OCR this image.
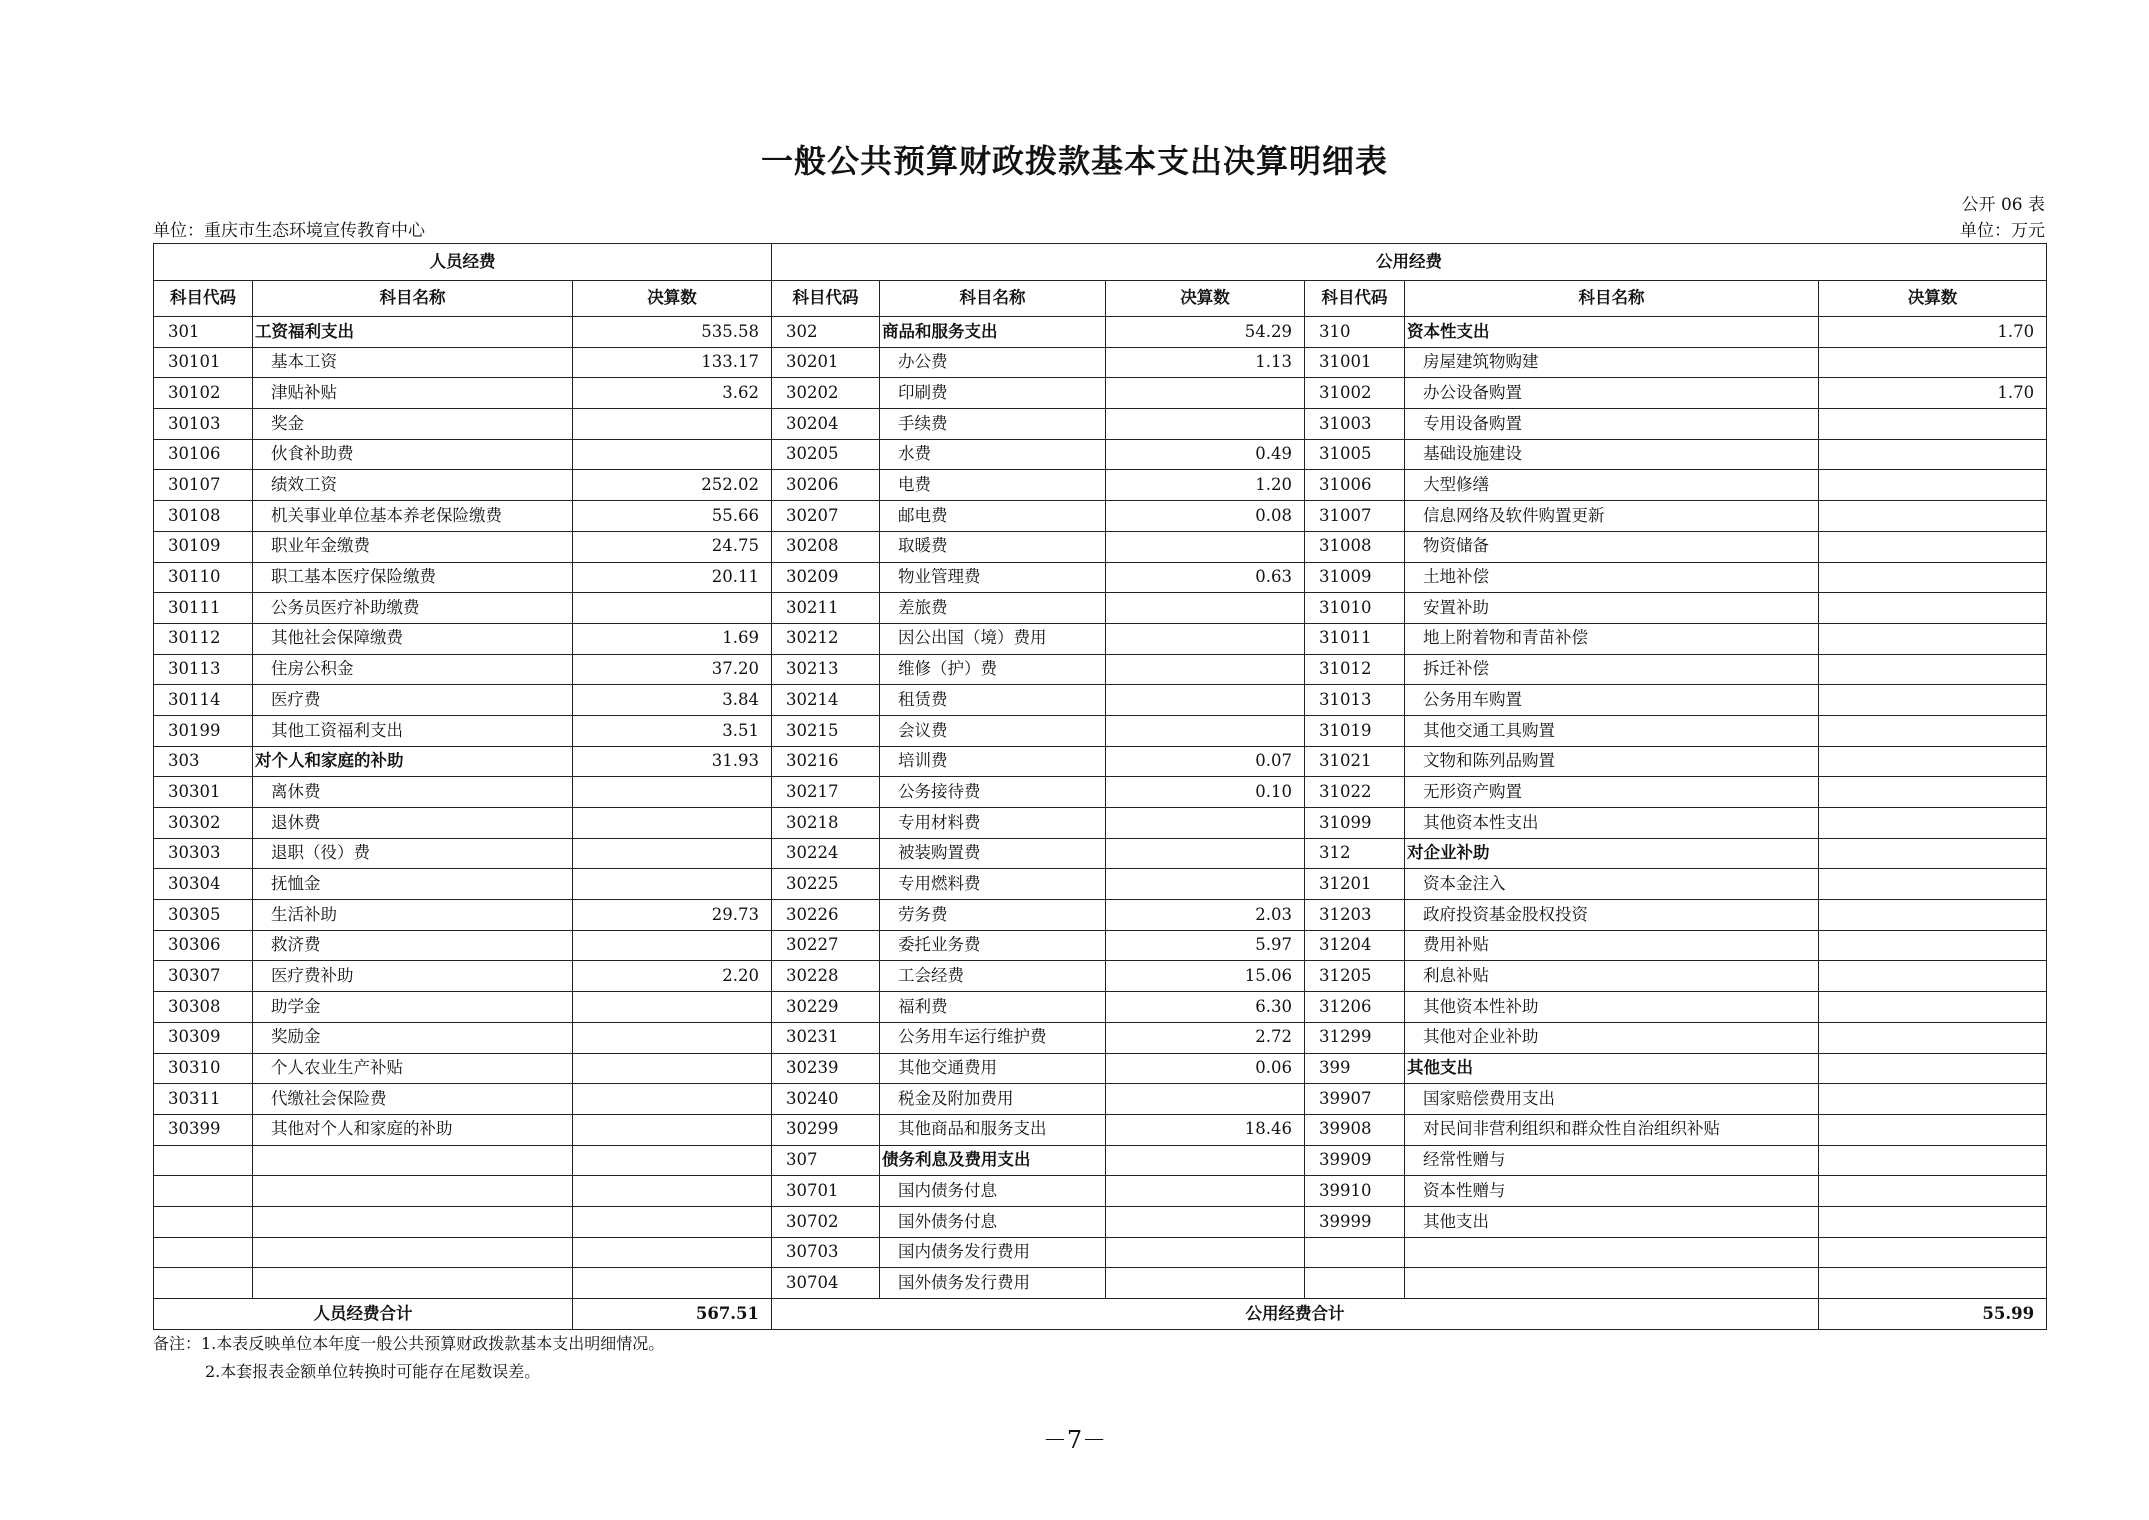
一般公共预算财政拨款基本支出决算明细表
公开 06 表
单位：重庆市生态环境宣传教育中心	单位：万元
人员经费			公用经费					
科目代码	科目名称	决算数	科目代码	科目名称	决算数	科目代码	科目名称	决算数
301	工资福利支出	535.58	302	商品和服务支出	54.29	310	资本性支出	1.70
30101	基本工资	133.17	30201	办公费	1.13	31001	房屋建筑物购建	
30102	津贴补贴	3.62	30202	印刷费		31002	办公设备购置	1.70
30103	奖金		30204	手续费		31003	专用设备购置	
30106	伙食补助费		30205	水费	0.49	31005	基础设施建设	
30107	绩效工资	252.02	30206	电费	1.20	31006	大型修缮	
30108	机关事业单位基本养老保险缴费	55.66	30207	邮电费	0.08	31007	信息网络及软件购置更新	
30109	职业年金缴费	24.75	30208	取暖费		31008	物资储备	
30110	职工基本医疗保险缴费	20.11	30209	物业管理费	0.63	31009	土地补偿	
30111	公务员医疗补助缴费		30211	差旅费		31010	安置补助	
30112	其他社会保障缴费	1.69	30212	因公出国（境）费用		31011	地上附着物和青苗补偿	
30113	住房公积金	37.20	30213	维修（护）费		31012	拆迁补偿	
30114	医疗费	3.84	30214	租赁费		31013	公务用车购置	
30199	其他工资福利支出	3.51	30215	会议费		31019	其他交通工具购置	
303	对个人和家庭的补助	31.93	30216	培训费	0.07	31021	文物和陈列品购置	
30301	离休费		30217	公务接待费	0.10	31022	无形资产购置	
30302	退休费		30218	专用材料费		31099	其他资本性支出	
30303	退职（役）费		30224	被装购置费		312	对企业补助	
30304	抚恤金		30225	专用燃料费		31201	资本金注入	
30305	生活补助	29.73	30226	劳务费	2.03	31203	政府投资基金股权投资	
30306	救济费		30227	委托业务费	5.97	31204	费用补贴	
30307	医疗费补助	2.20	30228	工会经费	15.06	31205	利息补贴	
30308	助学金		30229	福利费	6.30	31206	其他资本性补助	
30309	奖励金		30231	公务用车运行维护费	2.72	31299	其他对企业补助	
30310	个人农业生产补贴		30239	其他交通费用	0.06	399	其他支出	
30311	代缴社会保险费		30240	税金及附加费用		39907	国家赔偿费用支出	
30399	其他对个人和家庭的补助		30299	其他商品和服务支出	18.46	39908	对民间非营利组织和群众性自治组织补贴	
			307	债务利息及费用支出		39909	经常性赠与	
			30701	国内债务付息		39910	资本性赠与	
			30702	国外债务付息		39999	其他支出	
			30703	国内债务发行费用				
			30704	国外债务发行费用				
人员经费合计		567.51	公用经费合计					55.99
备注：1.本表反映单位本年度一般公共预算财政拨款基本支出明细情况。
2.本套报表金额单位转换时可能存在尾数误差。
－7－
